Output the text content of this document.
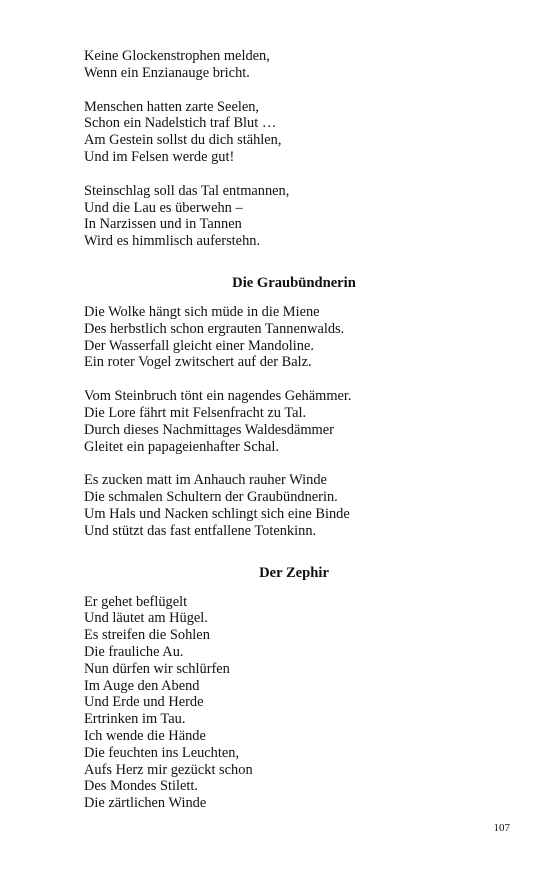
Keine Glockenstrophen melden,
Wenn ein Enzianauge bricht.
Menschen hatten zarte Seelen,
Schon ein Nadelstich traf Blut …
Am Gestein sollst du dich stählen,
Und im Felsen werde gut!
Steinschlag soll das Tal entmannen,
Und die Lau es überwehn –
In Narzissen und in Tannen
Wird es himmlisch auferstehn.
Die Graubündnerin
Die Wolke hängt sich müde in die Miene
Des herbstlich schon ergrauten Tannenwalds.
Der Wasserfall gleicht einer Mandoline.
Ein roter Vogel zwitschert auf der Balz.
Vom Steinbruch tönt ein nagendes Gehämmer.
Die Lore fährt mit Felsenfracht zu Tal.
Durch dieses Nachmittages Waldesdämmer
Gleitet ein papageienhafter Schal.
Es zucken matt im Anhauch rauher Winde
Die schmalen Schultern der Graubündnerin.
Um Hals und Nacken schlingt sich eine Binde
Und stützt das fast entfallene Totenkinn.
Der Zephir
Er gehet beflügelt
Und läutet am Hügel.
Es streifen die Sohlen
Die frauliche Au.
Nun dürfen wir schlürfen
Im Auge den Abend
Und Erde und Herde
Ertrinken im Tau.
Ich wende die Hände
Die feuchten ins Leuchten,
Aufs Herz mir gezückt schon
Des Mondes Stilett.
Die zärtlichen Winde
107
